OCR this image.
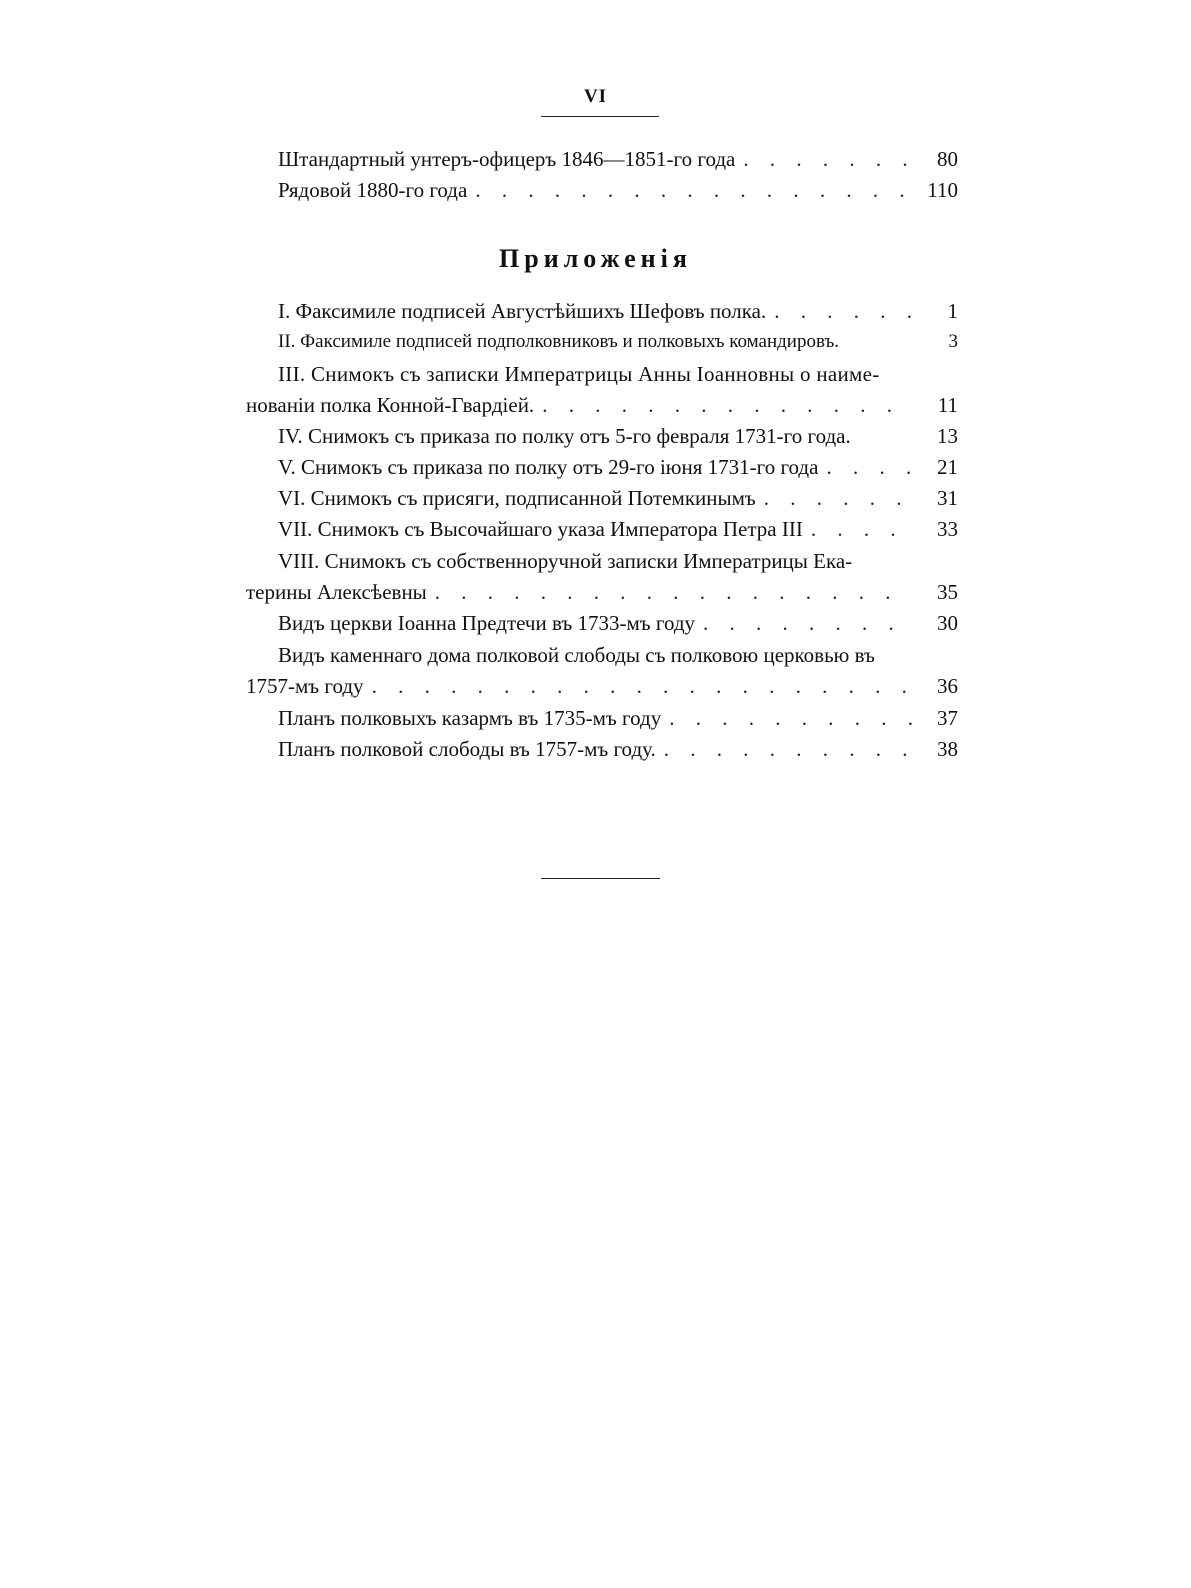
VI
Штандартный унтеръ-офицеръ 1846—1851-го года . . .	80
Рядовой 1880-го года . . .	110
Приложенія
I. Факсимиле подписей Августѣйшихъ Шефовъ полка. . . .	1
II. Факсимиле подписей подполковниковъ и полковыхъ командировъ.	3
III. Снимокъ съ записки Императрицы Анны Іоанновны о наиме-
нованіи полка Конной-Гвардіей. . . .	11
IV. Снимокъ съ приказа по полку отъ 5-го февраля 1731-го года.	13
V. Снимокъ съ приказа по полку отъ 29-го іюня 1731-го года . . .	21
VI. Снимокъ съ присяги, подписанной Потемкинымъ . . .	31
VII. Снимокъ съ Высочайшаго указа Императора Петра III . . .	33
VIII. Снимокъ съ собственноручной записки Императрицы Ека-
терины Алексѣевны . . .	35
Видъ церкви Іоанна Предтечи въ 1733-мъ году . . .	30
Видъ каменнаго дома полковой слободы съ полковою церковью въ
1757-мъ году . . .	36
Планъ полковыхъ казармъ въ 1735-мъ году . . .	37
Планъ полковой слободы въ 1757-мъ году. . . .	38
